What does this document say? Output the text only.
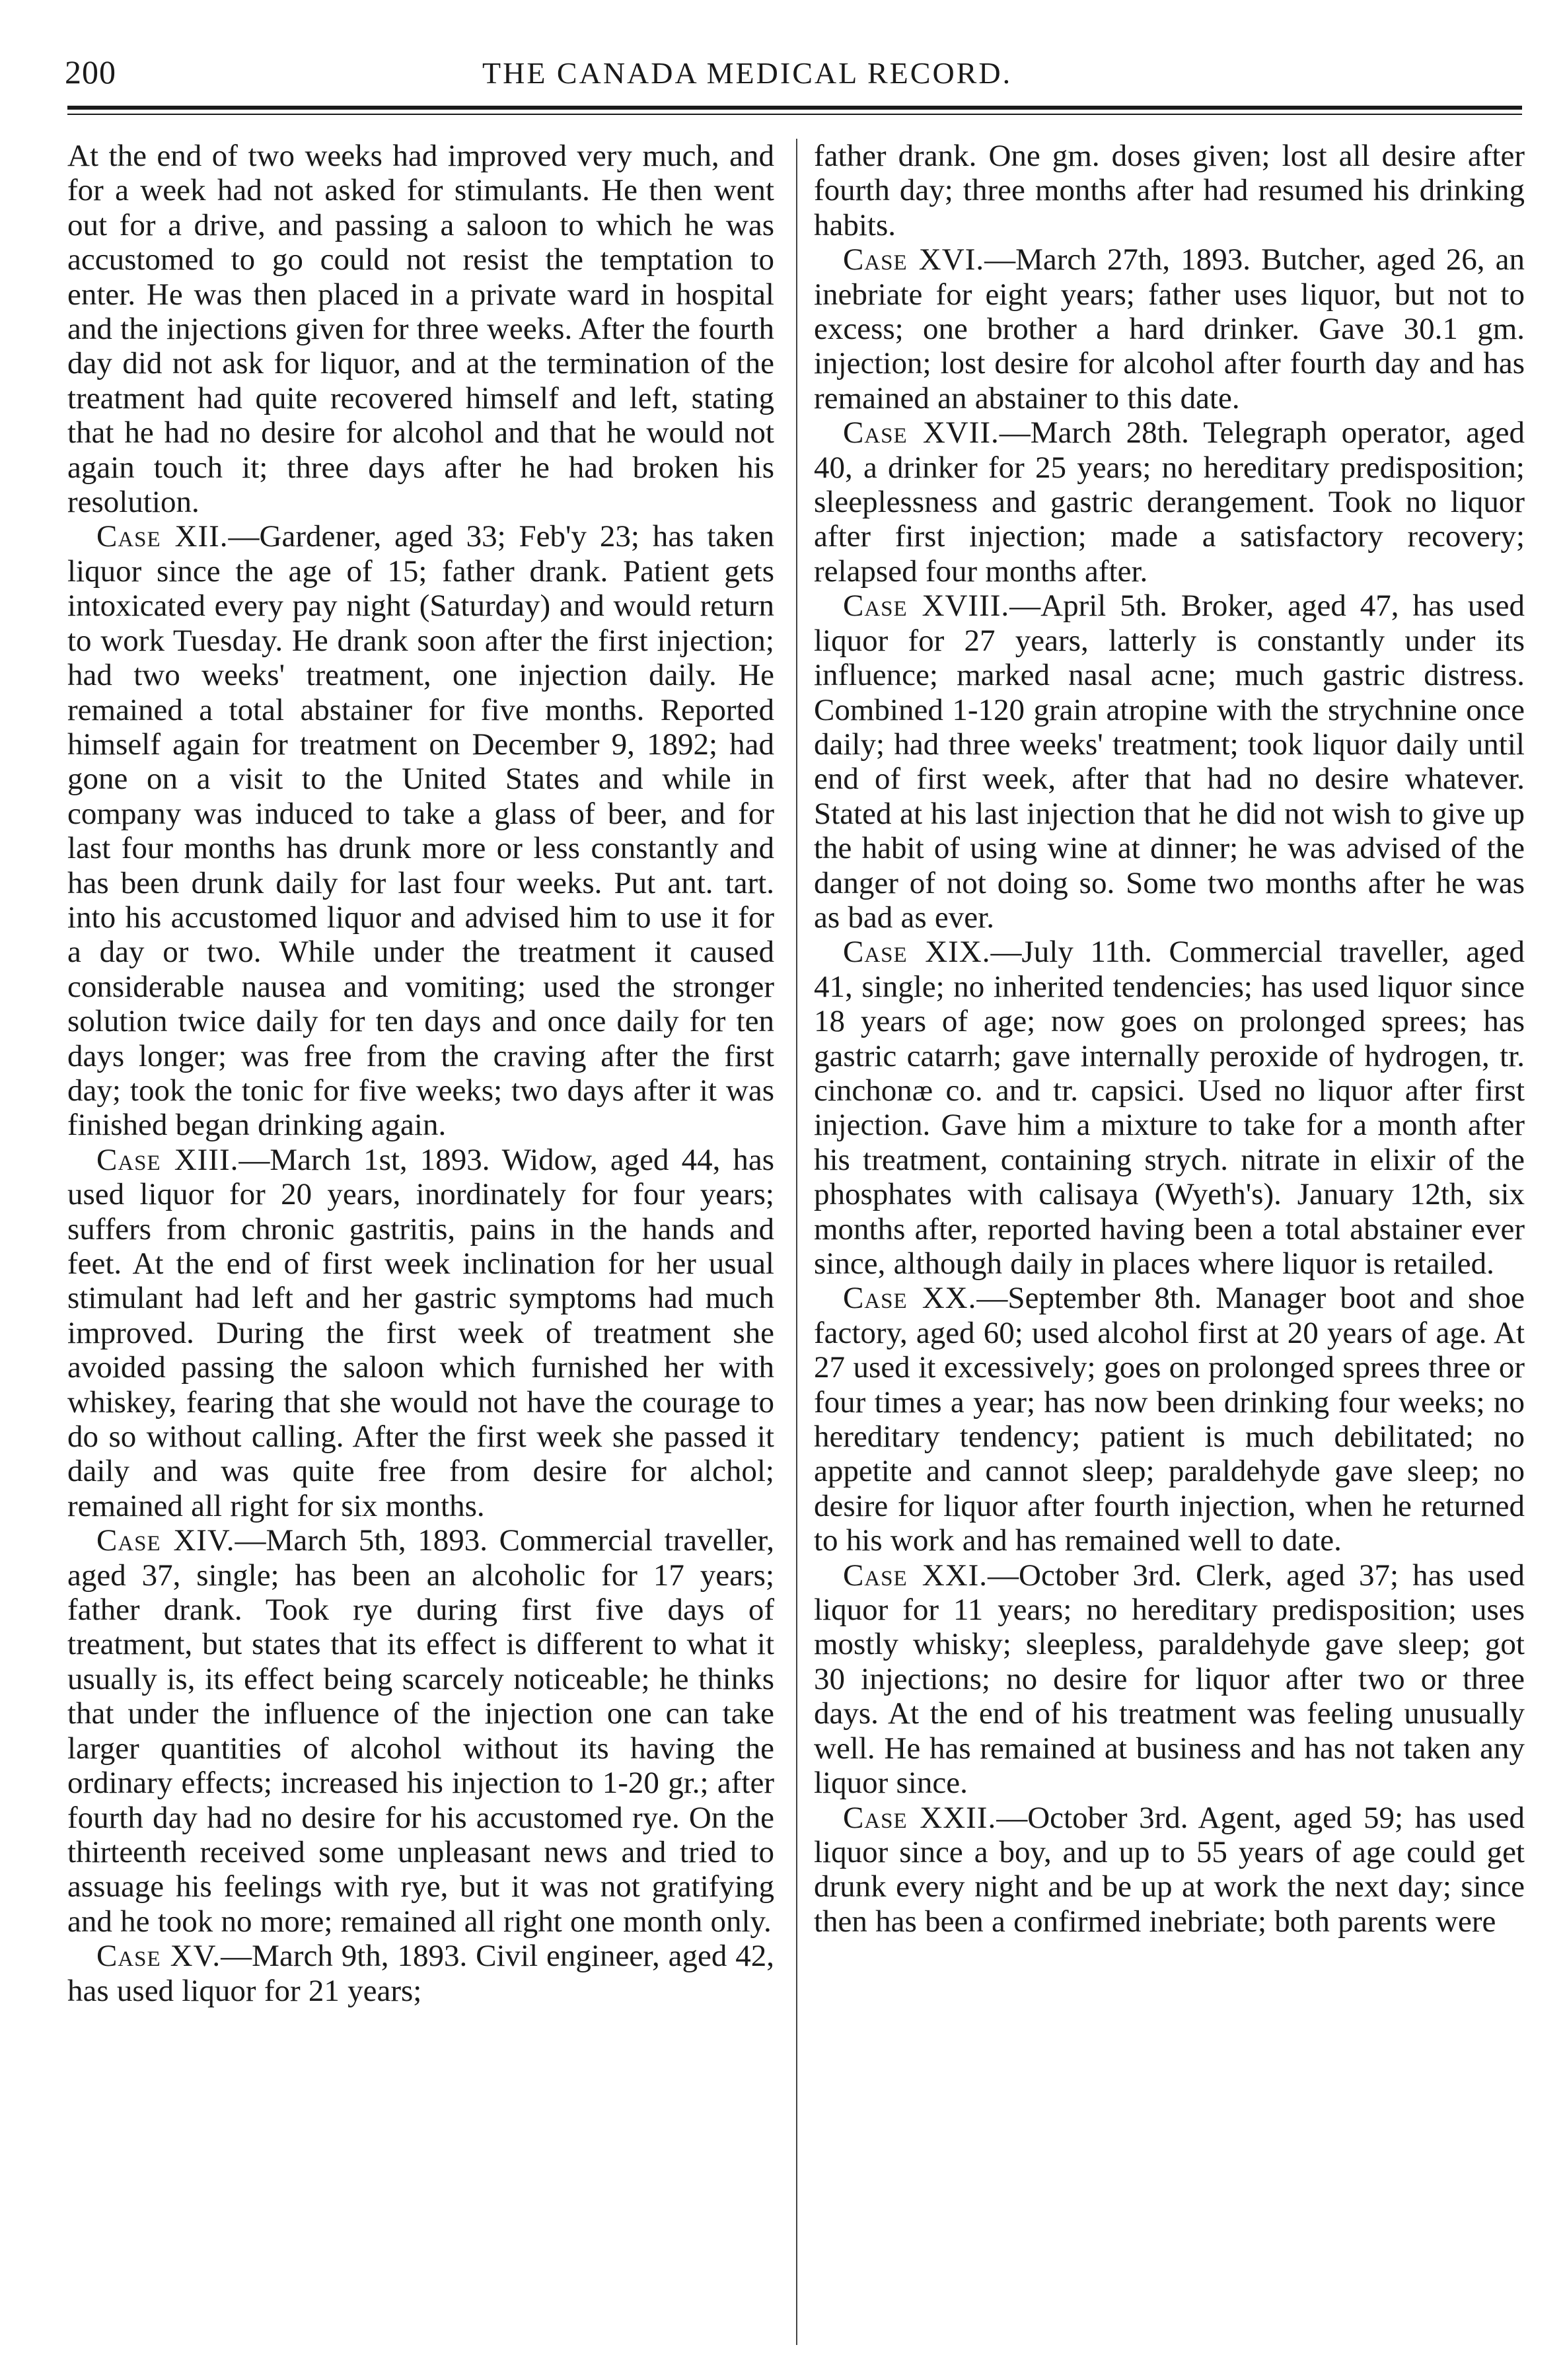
200	THE CANADA MEDICAL RECORD.

At the end of two weeks had improved very much, and for a week had not asked for stimulants. He then went out for a drive, and passing a saloon to which he was accustomed to go could not resist the temptation to enter. He was then placed in a private ward in hospital and the injections given for three weeks. After the fourth day did not ask for liquor, and at the termination of the treatment had quite recovered himself and left, stating that he had no desire for alcohol and that he would not again touch it; three days after he had broken his resolution.

Case XII.—Gardener, aged 33; Feb'y 23; has taken liquor since the age of 15; father drank. Patient gets intoxicated every pay night (Saturday) and would return to work Tuesday. He drank soon after the first injection; had two weeks' treatment, one injection daily. He remained a total abstainer for five months. Reported himself again for treatment on December 9, 1892; had gone on a visit to the United States and while in company was induced to take a glass of beer, and for last four months has drunk more or less constantly and has been drunk daily for last four weeks. Put ant. tart. into his accustomed liquor and advised him to use it for a day or two. While under the treatment it caused considerable nausea and vomiting; used the stronger solution twice daily for ten days and once daily for ten days longer; was free from the craving after the first day; took the tonic for five weeks; two days after it was finished began drinking again.

Case XIII.—March 1st, 1893. Widow, aged 44, has used liquor for 20 years, inordinately for four years; suffers from chronic gastritis, pains in the hands and feet. At the end of first week inclination for her usual stimulant had left and her gastric symptoms had much improved. During the first week of treatment she avoided passing the saloon which furnished her with whiskey, fearing that she would not have the courage to do so without calling. After the first week she passed it daily and was quite free from desire for alchol; remained all right for six months.

Case XIV.—March 5th, 1893. Commercial traveller, aged 37, single; has been an alcoholic for 17 years; father drank. Took rye during first five days of treatment, but states that its effect is different to what it usually is, its effect being scarcely noticeable; he thinks that under the influence of the injection one can take larger quantities of alcohol without its having the ordinary effects; increased his injection to 1-20 gr.; after fourth day had no desire for his accustomed rye. On the thirteenth received some unpleasant news and tried to assuage his feelings with rye, but it was not gratifying and he took no more; remained all right one month only.

Case XV.—March 9th, 1893. Civil engineer, aged 42, has used liquor for 21 years;

father drank. One gm. doses given; lost all desire after fourth day; three months after had resumed his drinking habits.

Case XVI.—March 27th, 1893. Butcher, aged 26, an inebriate for eight years; father uses liquor, but not to excess; one brother a hard drinker. Gave 30.1 gm. injection; lost desire for alcohol after fourth day and has remained an abstainer to this date.

Case XVII.—March 28th. Telegraph operator, aged 40, a drinker for 25 years; no hereditary predisposition; sleeplessness and gastric derangement. Took no liquor after first injection; made a satisfactory recovery; relapsed four months after.

Case XVIII.—April 5th. Broker, aged 47, has used liquor for 27 years, latterly is constantly under its influence; marked nasal acne; much gastric distress. Combined 1-120 grain atropine with the strychnine once daily; had three weeks' treatment; took liquor daily until end of first week, after that had no desire whatever. Stated at his last injection that he did not wish to give up the habit of using wine at dinner; he was advised of the danger of not doing so. Some two months after he was as bad as ever.

Case XIX.—July 11th. Commercial traveller, aged 41, single; no inherited tendencies; has used liquor since 18 years of age; now goes on prolonged sprees; has gastric catarrh; gave internally peroxide of hydrogen, tr. cinchonæ co. and tr. capsici. Used no liquor after first injection. Gave him a mixture to take for a month after his treatment, containing strych. nitrate in elixir of the phosphates with calisaya (Wyeth's). January 12th, six months after, reported having been a total abstainer ever since, although daily in places where liquor is retailed.

Case XX.—September 8th. Manager boot and shoe factory, aged 60; used alcohol first at 20 years of age. At 27 used it excessively; goes on prolonged sprees three or four times a year; has now been drinking four weeks; no hereditary tendency; patient is much debilitated; no appetite and cannot sleep; paraldehyde gave sleep; no desire for liquor after fourth injection, when he returned to his work and has remained well to date.

Case XXI.—October 3rd. Clerk, aged 37; has used liquor for 11 years; no hereditary predisposition; uses mostly whisky; sleepless, paraldehyde gave sleep; got 30 injections; no desire for liquor after two or three days. At the end of his treatment was feeling unusually well. He has remained at business and has not taken any liquor since.

Case XXII.—October 3rd. Agent, aged 59; has used liquor since a boy, and up to 55 years of age could get drunk every night and be up at work the next day; since then has been a confirmed inebriate; both parents were
